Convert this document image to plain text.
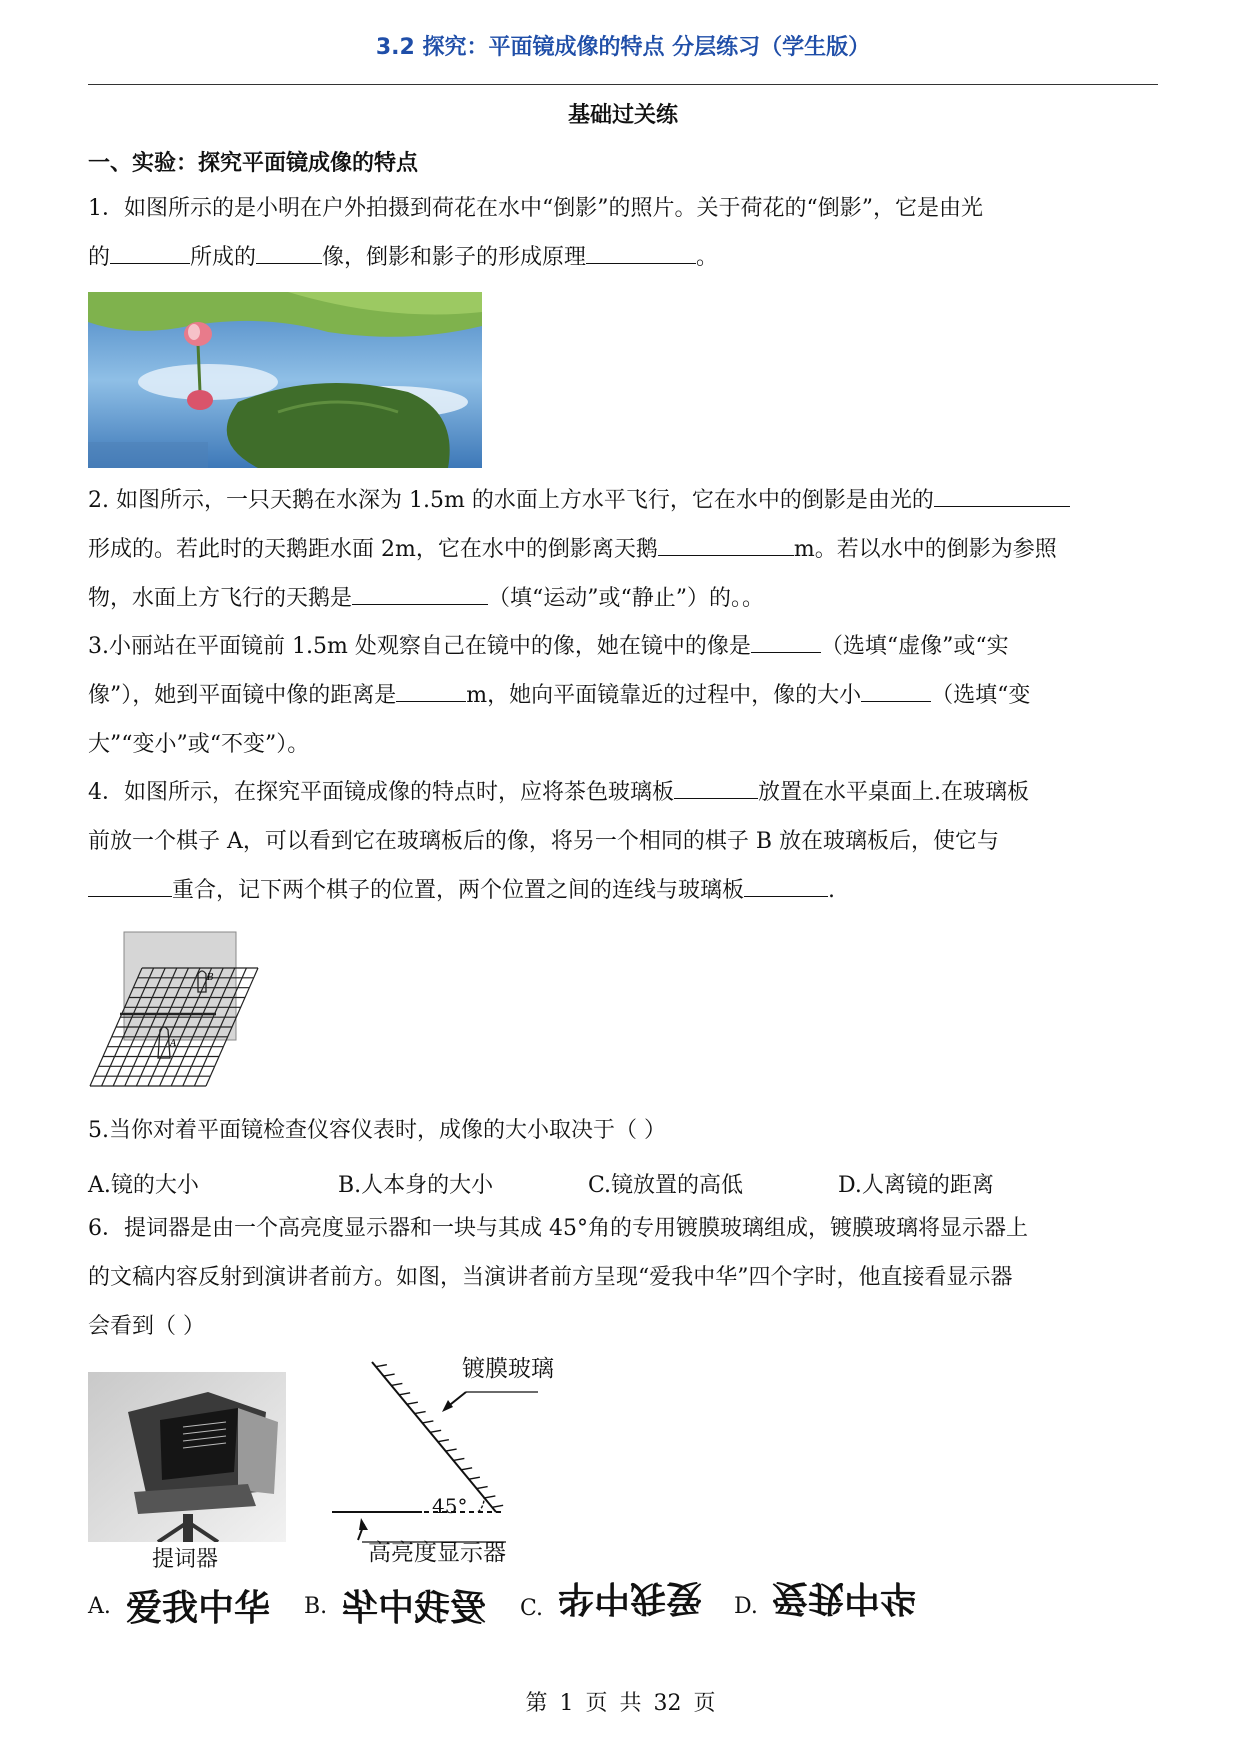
3.2 探究：平面镜成像的特点 分层练习（学生版）
基础过关练
一、实验：探究平面镜成像的特点
1．如图所示的是小明在户外拍摄到荷花在水中“倒影”的照片。关于荷花的“倒影”，它是由光
的	所成的	像，倒影和影子的形成原理	。
2. 如图所示，一只天鹅在水深为 1.5m 的水面上方水平飞行，它在水中的倒影是由光的
形成的。若此时的天鹅距水面 2m，它在水中的倒影离天鹅	m。若以水中的倒影为参照
物，水面上方飞行的天鹅是	（填“运动”或“静止”）的。。
3.小丽站在平面镜前 1.5m 处观察自己在镜中的像，她在镜中的像是	（选填“虚像”或“实
像”），她到平面镜中像的距离是	m，她向平面镜靠近的过程中，像的大小	（选填“变
大”“变小”或“不变”）。
4．如图所示，在探究平面镜成像的特点时，应将茶色玻璃板	放置在水平桌面上.在玻璃板
前放一个棋子 A，可以看到它在玻璃板后的像，将另一个相同的棋子 B 放在玻璃板后，使它与
重合，记下两个棋子的位置，两个位置之间的连线与玻璃板	.
B
A
5.当你对着平面镜检查仪容仪表时，成像的大小取决于（ ）
A.镜的大小	B.人本身的大小	C.镜放置的高低	D.人离镜的距离
6．提词器是由一个高亮度显示器和一块与其成 45°角的专用镀膜玻璃组成，镀膜玻璃将显示器上
的文稿内容反射到演讲者前方。如图，当演讲者前方呈现“爱我中华”四个字时，他直接看显示器
会看到（ ）
提词器
镀膜玻璃
45°
高亮度显示器
A. 爱我中华 B. 爱我中华 C. 爱我中华 D. 爱我中华
第 1 页 共 32 页
